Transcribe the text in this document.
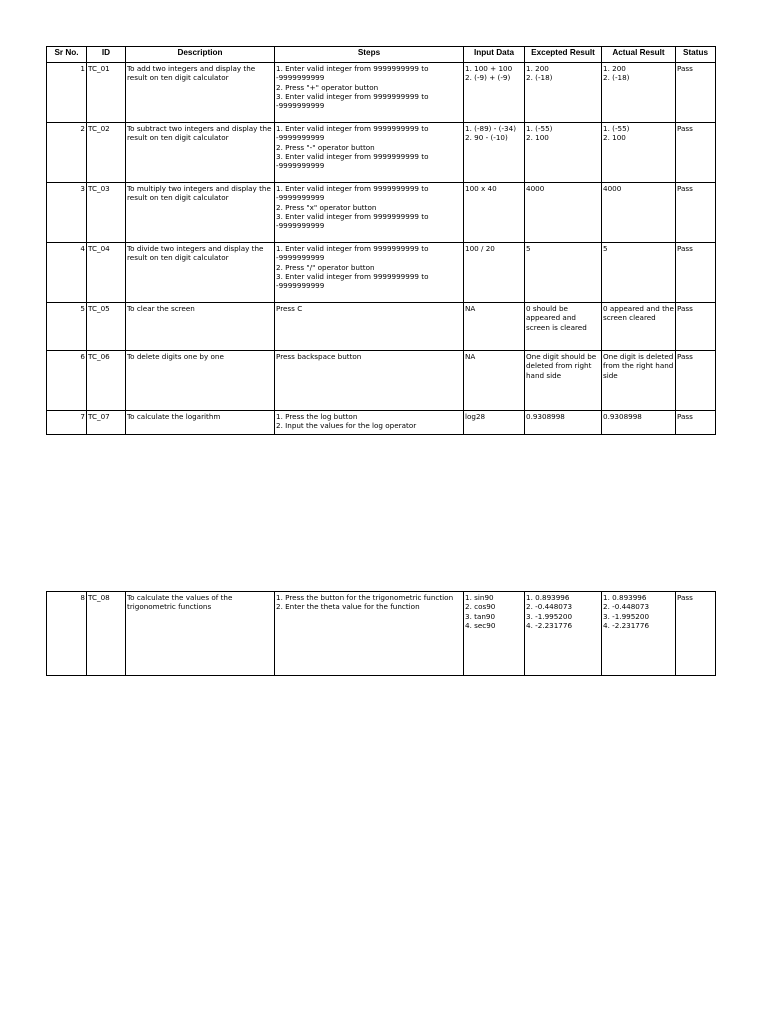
Sr No.	ID	Description	Steps	Input Data	Excepted Result	Actual Result	Status
1	TC_01	To add two integers and display the result on ten digit calculator	1. Enter valid integer from 9999999999 to -9999999999
2. Press "+" operator button
3. Enter valid integer from 9999999999 to -9999999999	1. 100 + 100
2. (-9) + (-9)	1. 200
2. (-18)	1. 200
2. (-18)	Pass
2	TC_02	To subtract two integers and display the result on ten digit calculator	1. Enter valid integer from 9999999999 to -9999999999
2. Press "-" operator button
3. Enter valid integer from 9999999999 to -9999999999	1. (-89) - (-34)
2. 90 - (-10)	1. (-55)
2. 100	1. (-55)
2. 100	Pass
3	TC_03	To multiply two integers and display the result on ten digit calculator	1. Enter valid integer from 9999999999 to -9999999999
2. Press "x" operator button
3. Enter valid integer from 9999999999 to -9999999999	100 x 40	4000	4000	Pass
4	TC_04	To divide two integers and display the result on ten digit calculator	1. Enter valid integer from 9999999999 to -9999999999
2. Press "/" operator button
3. Enter valid integer from 9999999999 to -9999999999	100 / 20	5	5	Pass
5	TC_05	To clear the screen	Press C	NA	0 should be appeared and screen is cleared	0 appeared and the screen cleared	Pass
6	TC_06	To delete digits one by one	Press backspace button	NA	One digit should be deleted from right hand side	One digit is deleted from the right hand side	Pass
7	TC_07	To calculate the logarithm	1. Press the log button
2. Input the values for the log operator	log28	0.9308998	0.9308998	Pass
8	TC_08	To calculate the values of the trigonometric functions	1. Press the button for the trigonometric function
2. Enter the theta value for the function	1. sin90
2. cos90
3. tan90
4. sec90	1. 0.893996
2. -0.448073
3. -1.995200
4. -2.231776	1. 0.893996
2. -0.448073
3. -1.995200
4. -2.231776	Pass
